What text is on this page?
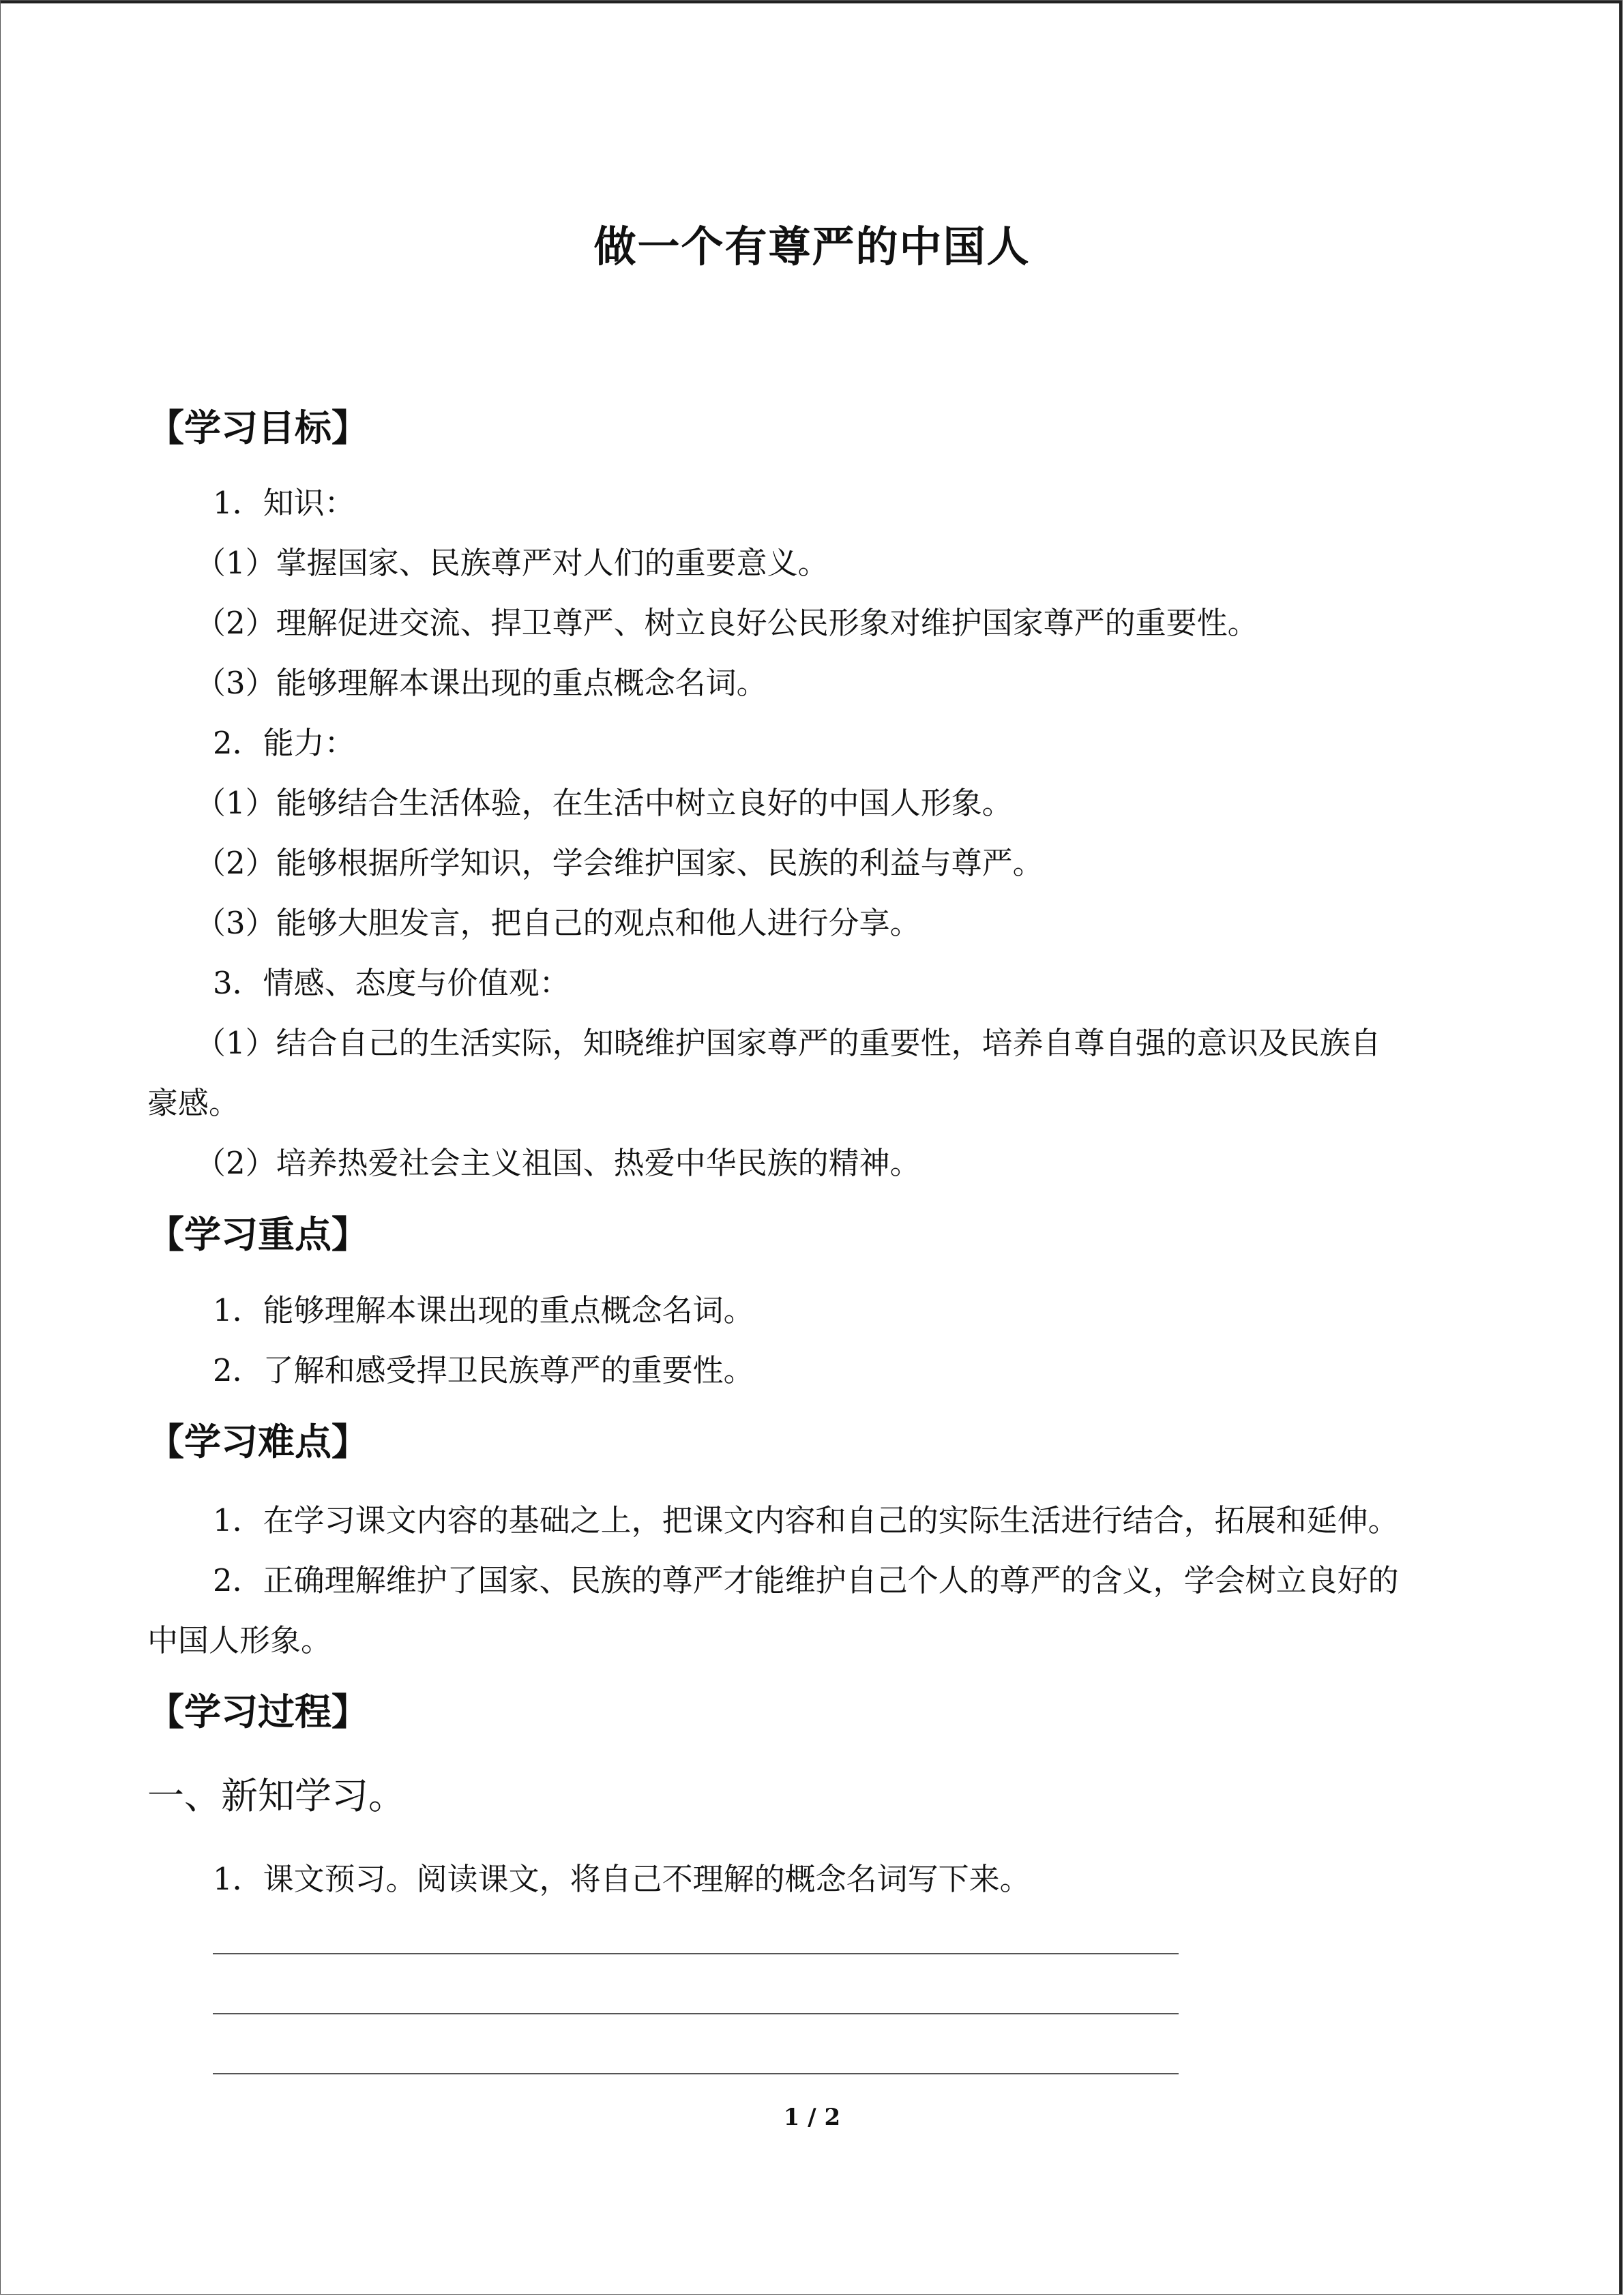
做一个有尊严的中国人
【学习目标】
1．知识：
（1）掌握国家、民族尊严对人们的重要意义。
（2）理解促进交流、捍卫尊严、树立良好公民形象对维护国家尊严的重要性。
（3）能够理解本课出现的重点概念名词。
2．能力：
（1）能够结合生活体验，在生活中树立良好的中国人形象。
（2）能够根据所学知识，学会维护国家、民族的利益与尊严。
（3）能够大胆发言，把自己的观点和他人进行分享。
3．情感、态度与价值观：
（1）结合自己的生活实际，知晓维护国家尊严的重要性，培养自尊自强的意识及民族自
豪感。
（2）培养热爱社会主义祖国、热爱中华民族的精神。
【学习重点】
1．能够理解本课出现的重点概念名词。
2．了解和感受捍卫民族尊严的重要性。
【学习难点】
1．在学习课文内容的基础之上，把课文内容和自己的实际生活进行结合，拓展和延伸。
2．正确理解维护了国家、民族的尊严才能维护自己个人的尊严的含义，学会树立良好的
中国人形象。
【学习过程】
一、新知学习。
1．课文预习。阅读课文，将自己不理解的概念名词写下来。
1 / 2
